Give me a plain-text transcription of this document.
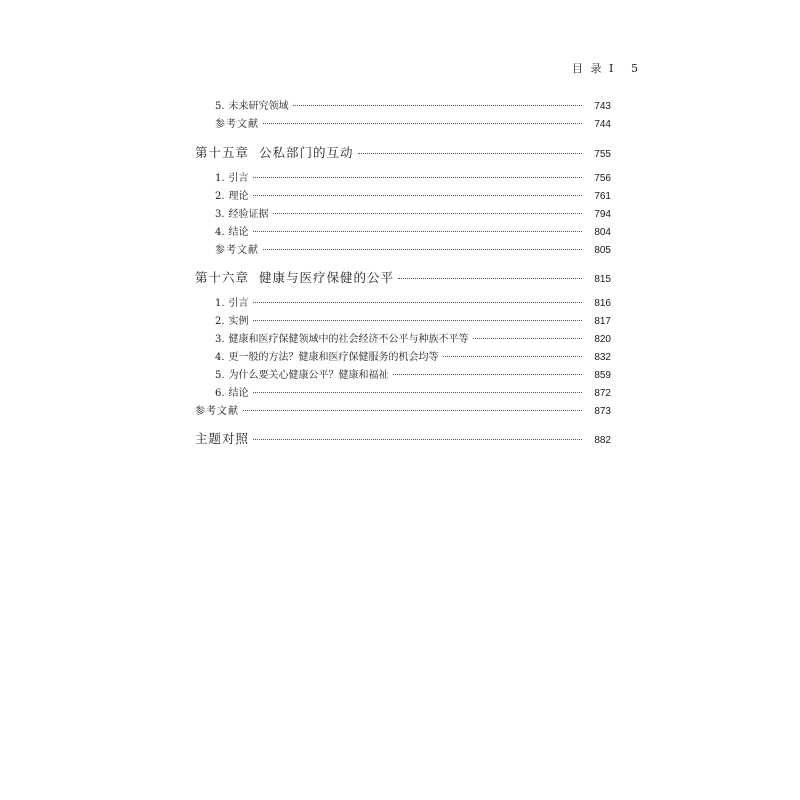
目 录 I 5
5. 未来研究领域	743
参考文献	744
第十五章 公私部门的互动	755
1. 引言	756
2. 理论	761
3. 经验证据	794
4. 结论	804
参考文献	805
第十六章 健康与医疗保健的公平	815
1. 引言	816
2. 实例	817
3. 健康和医疗保健领域中的社会经济不公平与种族不平等	820
4. 更一般的方法？健康和医疗保健服务的机会均等	832
5. 为什么要关心健康公平？健康和福祉	859
6. 结论	872
参考文献	873
主题对照	882
